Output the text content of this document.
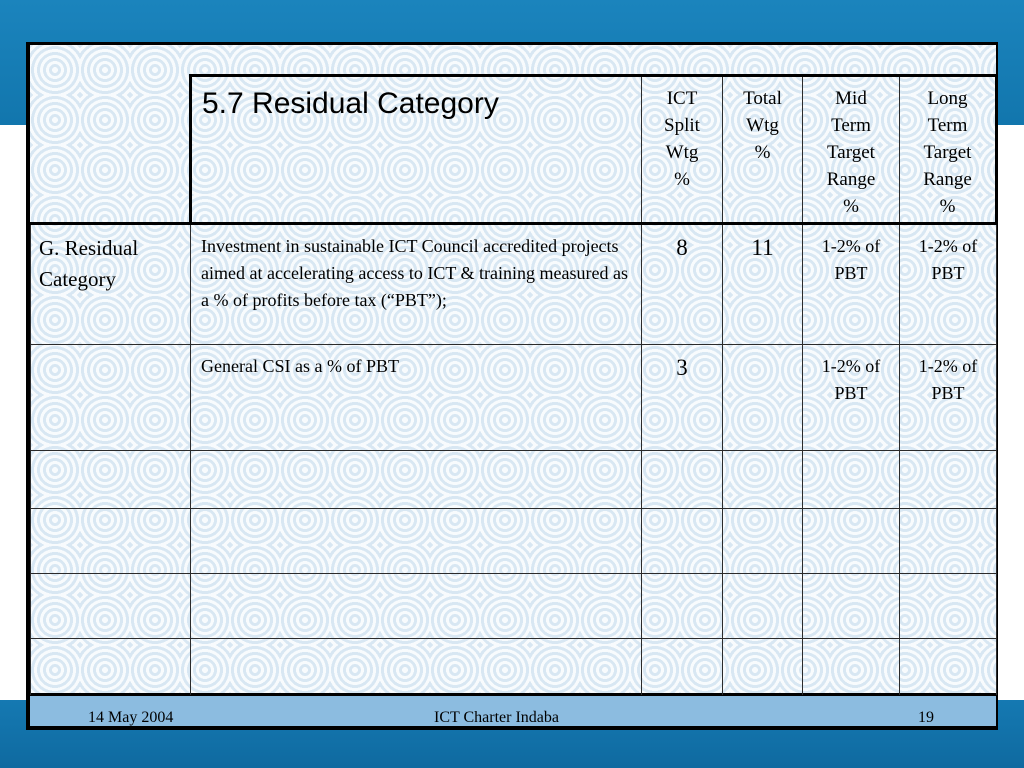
	5.7 Residual Category	ICT
Split
Wtg
%	Total
Wtg
%	Mid
Term
Target
Range
%	Long
Term
Target
Range
%

G. Residual Category	Investment in sustainable ICT Council accredited projects aimed at accelerating access to ICT & training measured as a % of profits before tax (“PBT”);	8	11	1-2% of
PBT	1-2% of
PBT

	General CSI as a % of PBT	3		1-2% of
PBT	1-2% of
PBT

14 May 2004	ICT Charter Indaba	19
